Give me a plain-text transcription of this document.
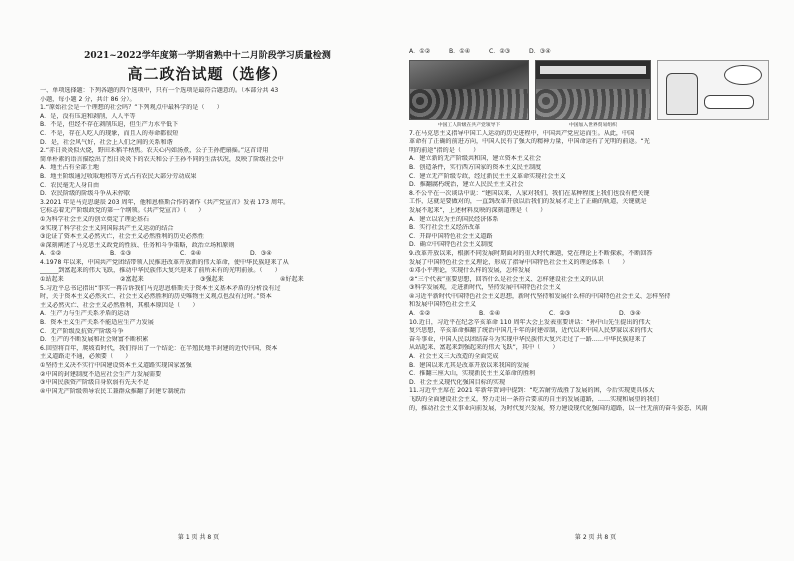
2021~2022学年度第一学期省熟中十二月阶段学习质量检测
高二政治试题（选修）
一、单项选择题：下列各题的四个选项中，只有一个选项是最符合题意的。（本部分共 43
小题，每小题 2 分，共计 86 分）。
1.“原始社会是一个理想的社会吗？”下列观点中最科学的是（　　）
A．是，没有压迫和剥削，人人平等
B．不是，但经不存在剥削压迫，但生产力水平低下
C．不是，存在人吃人的现象，而且人的寿命都很短
D．是，社会风气好，社会上人们之间的关系和谐
2.“赤日炎炎似火烧，野田禾稻半枯焦。农夫心内如汤煮，公子王孙把扇摇。”这首诗用
简单朴素的语言描绘出了烈日炎炎下的农夫和公子王孙不同的生活状况，反映了阶级社会中
A．地主占有全部土地
B．地主阶级通过收取地租等方式占有农民大部分劳动成果
C．农民毫无人身自由
D．农民阶级的阶级斗争从未停歇
3.2021 年是马克思诞辰 203 周年，他和恩格斯合作的著作《共产党宣言》发表 173 周年。
它标志着无产阶级政党的第一个纲领。《共产党宣言》（　　）
①为科学社会主义的创立奠定了理论基石
②实现了科学社会主义同国际共产主义运动的结合
③论证了资本主义必然灭亡，社会主义必然胜利的历史必然性
④深刻阐述了马克思主义政党的性质、任务和斗争策略，政治立场和原则
A．①②	B．①③	C．②④	D．③④
4.1978 年以来，中国共产党团结带领人民推进改革开放新的伟大革命，使中华民族迎来了从
______到富起来的伟大飞跃，推动中华民族伟大复兴迎来了前所未有的光明前景。（　　）
①站起来	②富起来	③强起来	④好起来
5.习近平总书记指出“事实一再告诉我们马克思恩格斯关于资本主义基本矛盾的分析没有过
时，关于资本主义必然灭亡、社会主义必然胜利的历史唯物主义观点也没有过时。”资本
主义必然灭亡、社会主义必然胜利，其根本原因是（　　）
A．生产力与生产关系矛盾的运动
B．资本主义生产关系不能适应生产力发展
C．无产阶级反抗资产阶级斗争
D．生产的不断发展和社会财富不断积累
6.回望将百年，爬坡看时代，我们得出了一个结论：在半殖民地半封建的近代中国，资本
主义道路走不通，必须要（　　）
①坚持主义决不实行中国建设资本主义道路实现国家富强
②中国的封建制度不适应社会生产力发展需要
③中国民族资产阶级自身软弱有先天不足
④中国无产阶级领导农民工兼群众推翻了封建专制统治
第 1 页 共 8 页
A．①②	B．①④	C．②③	D．③④
中国工人阶级在共产党领导下	中国加入世界贸易组织
7.在马克思主义指导中国工人运动的历史进程中，中国共产党应运而生。从此，中国
革命有了正确的前进方向，中国人民有了强大的精神力量，中国命运有了光明的前途。“光
明的前途”指的是（　　）
A．建立新的无产阶级共和国，建立资本主义社会
B．创造条件，实行西方国家的资本主义民主制度
C．建立无产阶级专政，经过新民主主义革命实现社会主义
D．推翻腐朽统治，建立人民民主主义社会
8.不公平在一次谈话中说：“建国以来，人家对我们，我们在某种程度上我们也没有把关键
工作，这就是要做对的，一直到改革开放以后我们的发展才走上了正确的轨道，关键就是
发展不起来”，上述材料反映的深刻道理是（　　）
A．建立以农为主的国民经济体系
B．实行社会主义经济改革
C．开辟中国特色社会主义道路
D．确立中国特色社会主义制度
9.改革开放以来，根据不同发展时期面对的重大时代课题，党在理论上不断探索，不断回答
发展了中国特色社会主义理论，形成了指导中国特色社会主义的理论体系（　　）
①邓小平理论，实现什么样的发展，怎样发展
②“三个代表”重要思想，回答什么是社会主义、怎样建设社会主义的认识
③科学发展观，走进新时代，坚持发展中国特色社会主义
④习近平新时代中国特色社会主义思想，新时代坚持和发展什么样的中国特色社会主义、怎样坚持
和发展中国特色社会主义
A．①②	B．①④	C．②③	D．③④
10.近日，习近平在纪念辛亥革命 110 周年大会上发表重要讲话：“孙中山先生提出的伟大
复兴思想，辛亥革命推翻了统治中国几千年的封建帝制，近代以来中国人民梦寐以求的伟大
奋斗事业，中国人民以团结奋斗为实现中华民族伟大复兴走过了一路……中华民族迎来了
从站起来、富起来到强起来的伟大飞跃”，其中（　　）
A．社会主义三大改造的全面完成
B．建国以来尤其是改革开放以来我国的发展
C．推翻三座大山，实现新民主主义革命的胜利
D．社会主义现代化强国目标的实现
11.习近平主席在 2021 年新年贺词中提到：“吃苦耐劳战胜了发展的困，今后实现更具体大
飞跃的全面建设社会主义，努力走出一条符合要求的自主的发展道路，……实现和展望的我们
的，推动社会主义事业向前发展，为时代复兴发展，努力建设现代化强国的道路，以一往无前的奋斗姿态、风雨
第 2 页 共 8 页
